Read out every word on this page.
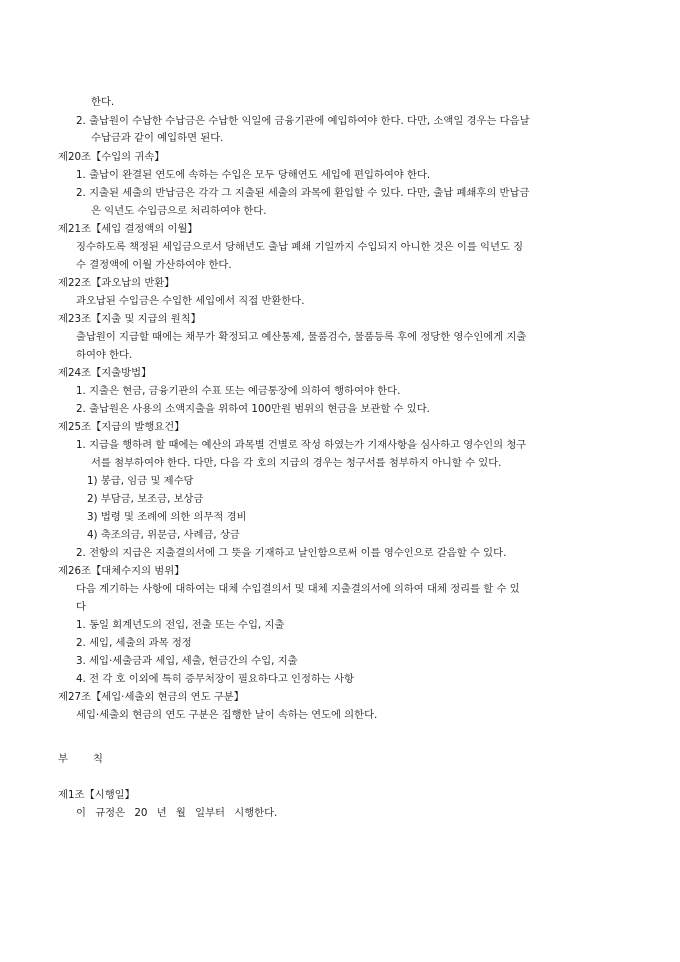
한다.
2. 출납원이 수납한 수납금은 수납한 익일에 금융기관에 예입하여야 한다. 다만, 소액일 경우는 다음날
수납금과 같이 예입하면 된다.
제20조【수입의 귀속】
1. 출납이 완결된 연도에 속하는 수입은 모두 당해연도 세입에 편입하여야 한다.
2. 지출된 세출의 반납금은 각각 그 지출된 세출의 과목에 환입할 수 있다. 다만, 출납 폐쇄후의 반납금
은 익년도 수입금으로 처리하여야 한다.
제21조【세입 결정액의 이월】
징수하도록 책정된 세입금으로서 당해년도 출납 폐쇄 기일까지 수입되지 아니한 것은 이를 익년도 징
수 결정액에 이월 가산하여야 한다.
제22조【과오납의 반환】
과오납된 수입금은 수입한 세입에서 직접 반환한다.
제23조【지출 및 지급의 원칙】
출납원이 지급할 때에는 채무가 확정되고 예산통제, 물품검수, 물품등록 후에 정당한 영수인에게 지출
하여야 한다.
제24조【지출방법】
1. 지출은 현금, 금융기관의 수표 또는 예금통장에 의하여 행하여야 한다.
2. 출납원은 사용의 소액지출을 위하여 100만원 범위의 현금을 보관할 수 있다.
제25조【지급의 발행요건】
1. 지급을 행하려 할 때에는 예산의 과목별 건별로 작성 하였는가 기재사항을 심사하고 영수인의 청구
서를 첨부하여야 한다. 다만, 다음 각 호의 지급의 경우는 청구서를 첨부하지 아니할 수 있다.
1) 봉급, 임금 및 제수당
2) 부담금, 보조금, 보상금
3) 법령 및 조례에 의한 의무적 경비
4) 축조의금, 위문금, 사례금, 상금
2. 전항의 지급은 지출결의서에 그 뜻을 기재하고 날인함으로써 이를 영수인으로 갈음할 수 있다.
제26조【대체수지의 범위】
다음 계기하는 사항에 대하여는 대체 수입결의서 및 대체 지출결의서에 의하여 대체 정리를 할 수 있
다
1. 동일 회계년도의 전입, 전출 또는 수입, 지출
2. 세입, 세출의 과목 정정
3. 세입·세출금과 세입, 세출, 현금간의 수입, 지출
4. 전 각 호 이외에 특히 증무처장이 필요하다고 인정하는 사항
제27조【세입·세출외 현금의 연도 구분】
세입·세출외 현금의 연도 구분은 집행한 날이 속하는 연도에 의한다.
부 칙
제1조【시행일】
이 규정은 20 년 월 일부터 시행한다.
